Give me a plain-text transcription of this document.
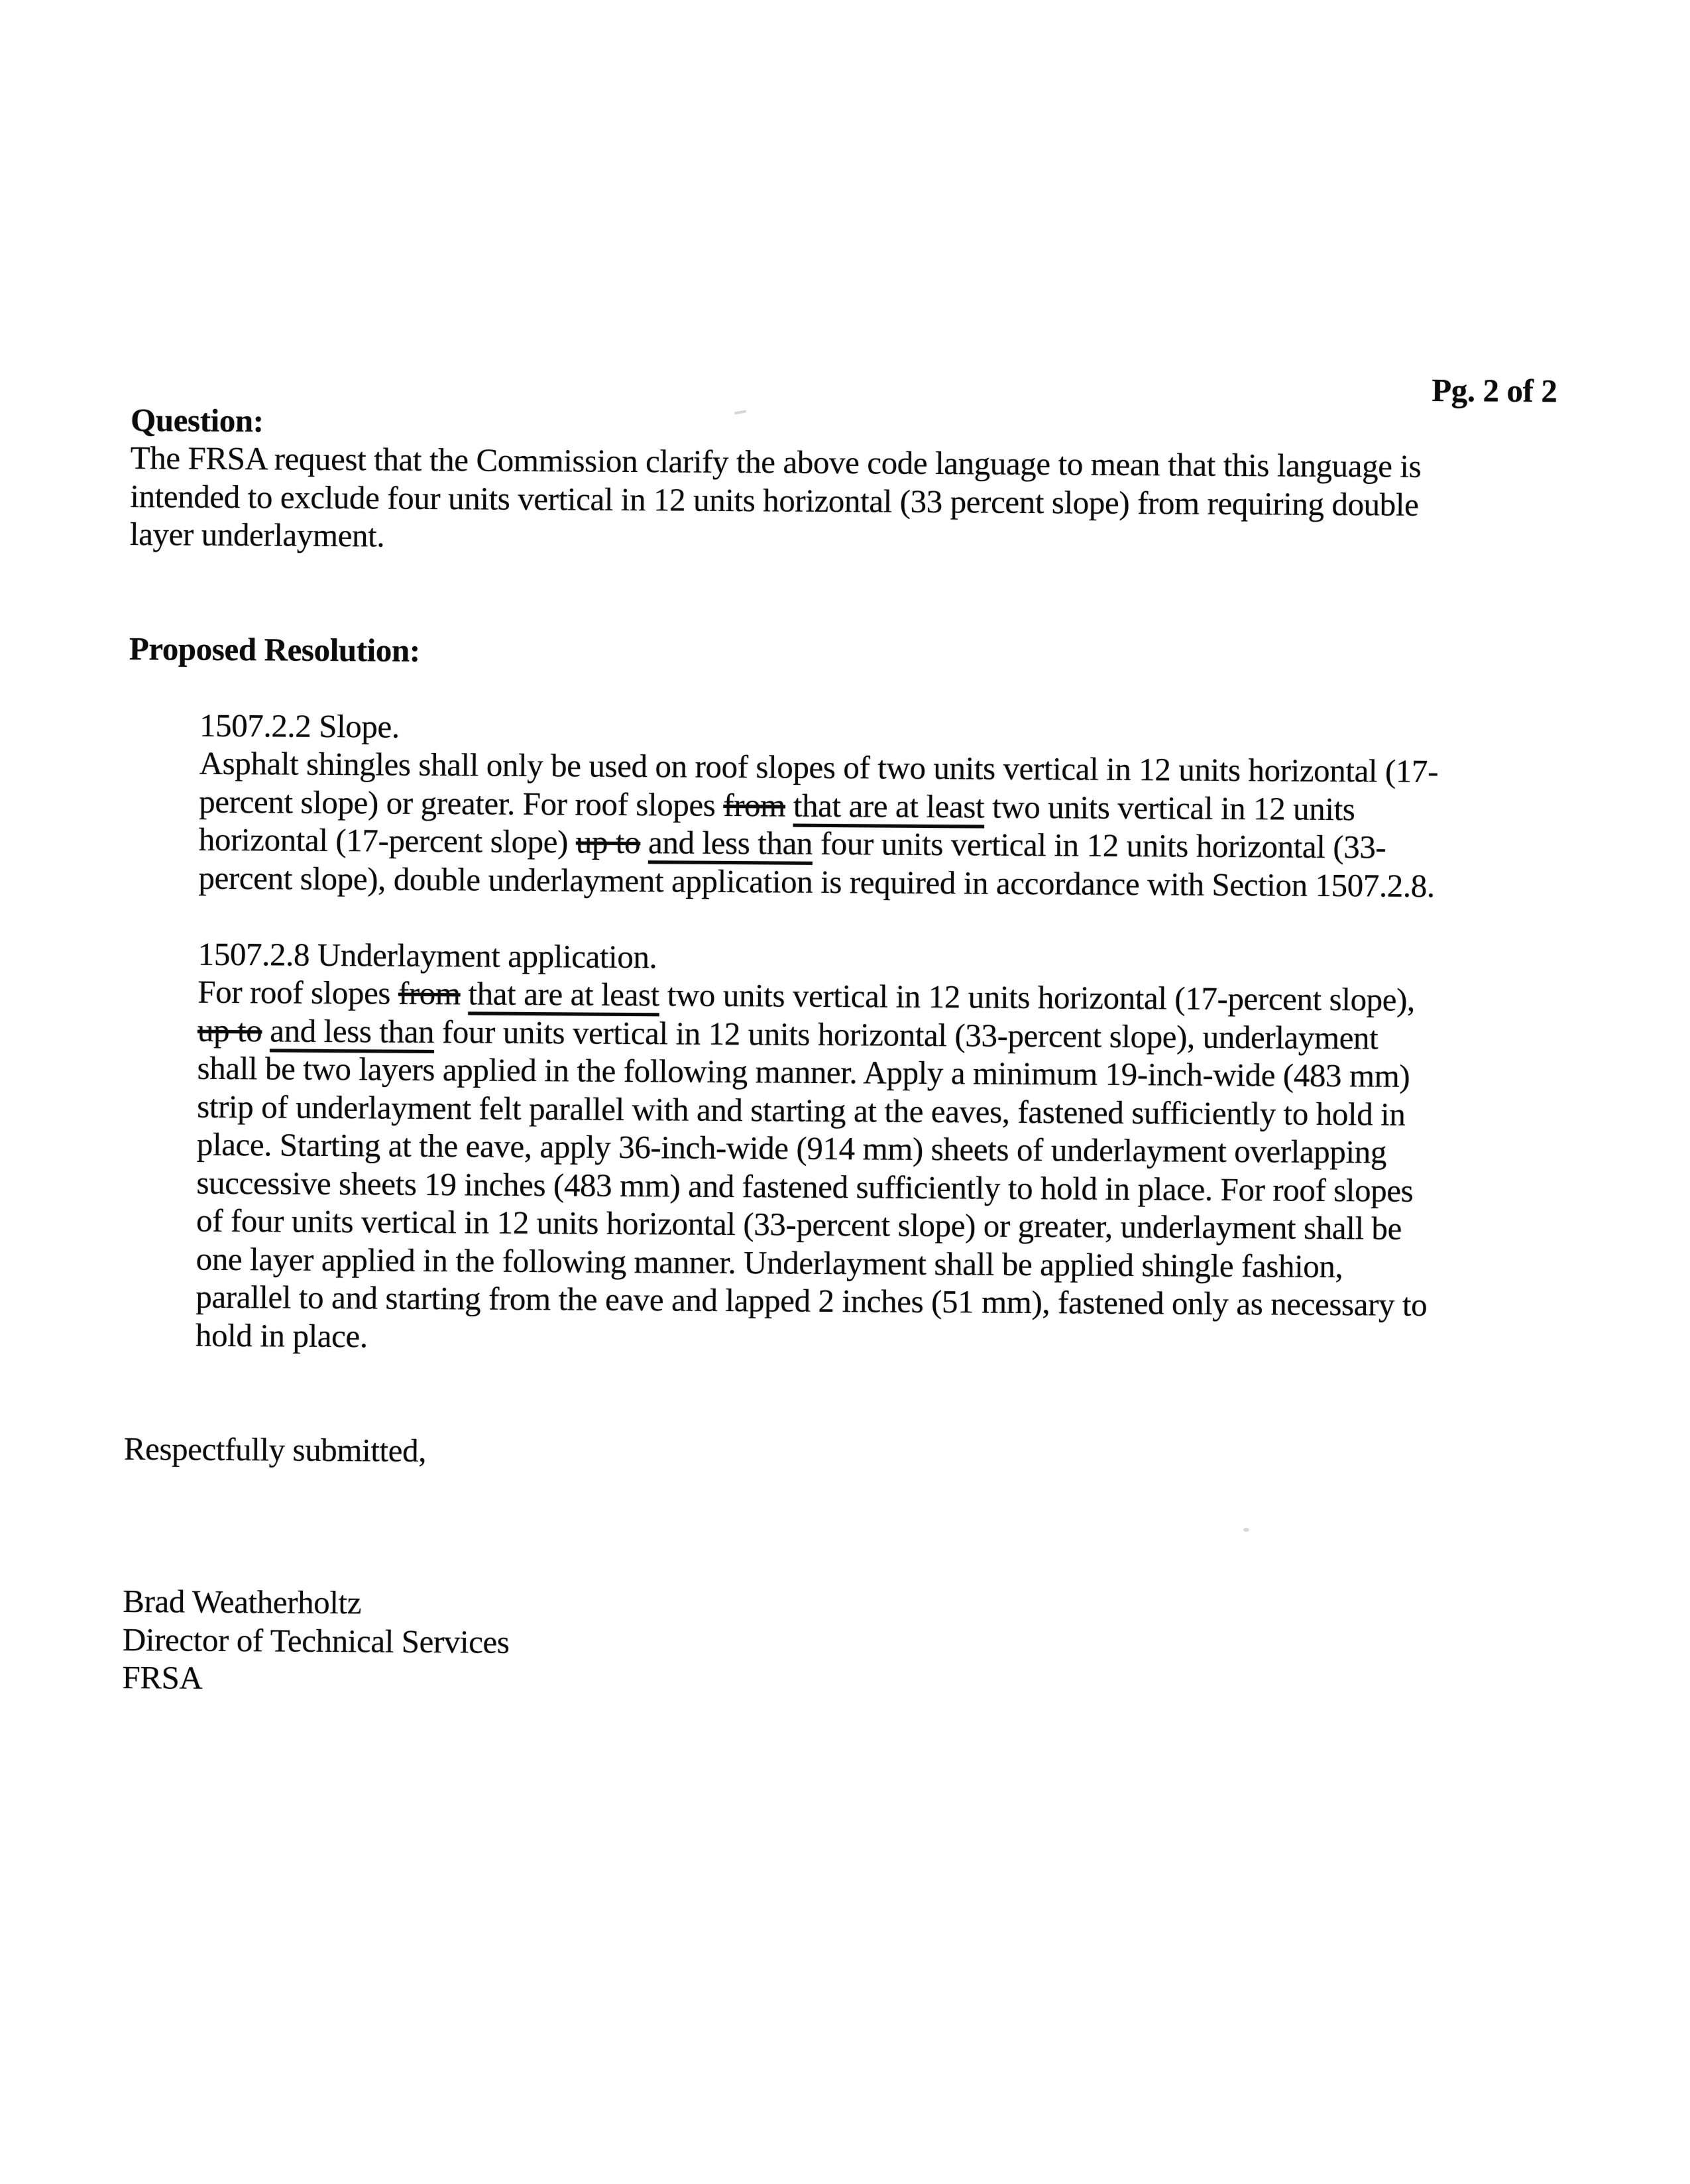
Pg. 2 of 2
Question:
The FRSA request that the Commission clarify the above code language to mean that this language is
intended to exclude four units vertical in 12 units horizontal (33 percent slope) from requiring double
layer underlayment.
Proposed Resolution:
1507.2.2 Slope.
Asphalt shingles shall only be used on roof slopes of two units vertical in 12 units horizontal (17-
percent slope) or greater. For roof slopes from that are at least two units vertical in 12 units
horizontal (17-percent slope) up to and less than four units vertical in 12 units horizontal (33-
percent slope), double underlayment application is required in accordance with Section 1507.2.8.
1507.2.8 Underlayment application.
For roof slopes from that are at least two units vertical in 12 units horizontal (17-percent slope),
up to and less than four units vertical in 12 units horizontal (33-percent slope), underlayment
shall be two layers applied in the following manner. Apply a minimum 19-inch-wide (483 mm)
strip of underlayment felt parallel with and starting at the eaves, fastened sufficiently to hold in
place. Starting at the eave, apply 36-inch-wide (914 mm) sheets of underlayment overlapping
successive sheets 19 inches (483 mm) and fastened sufficiently to hold in place. For roof slopes
of four units vertical in 12 units horizontal (33-percent slope) or greater, underlayment shall be
one layer applied in the following manner. Underlayment shall be applied shingle fashion,
parallel to and starting from the eave and lapped 2 inches (51 mm), fastened only as necessary to
hold in place.
Respectfully submitted,
Brad Weatherholtz
Director of Technical Services
FRSA
